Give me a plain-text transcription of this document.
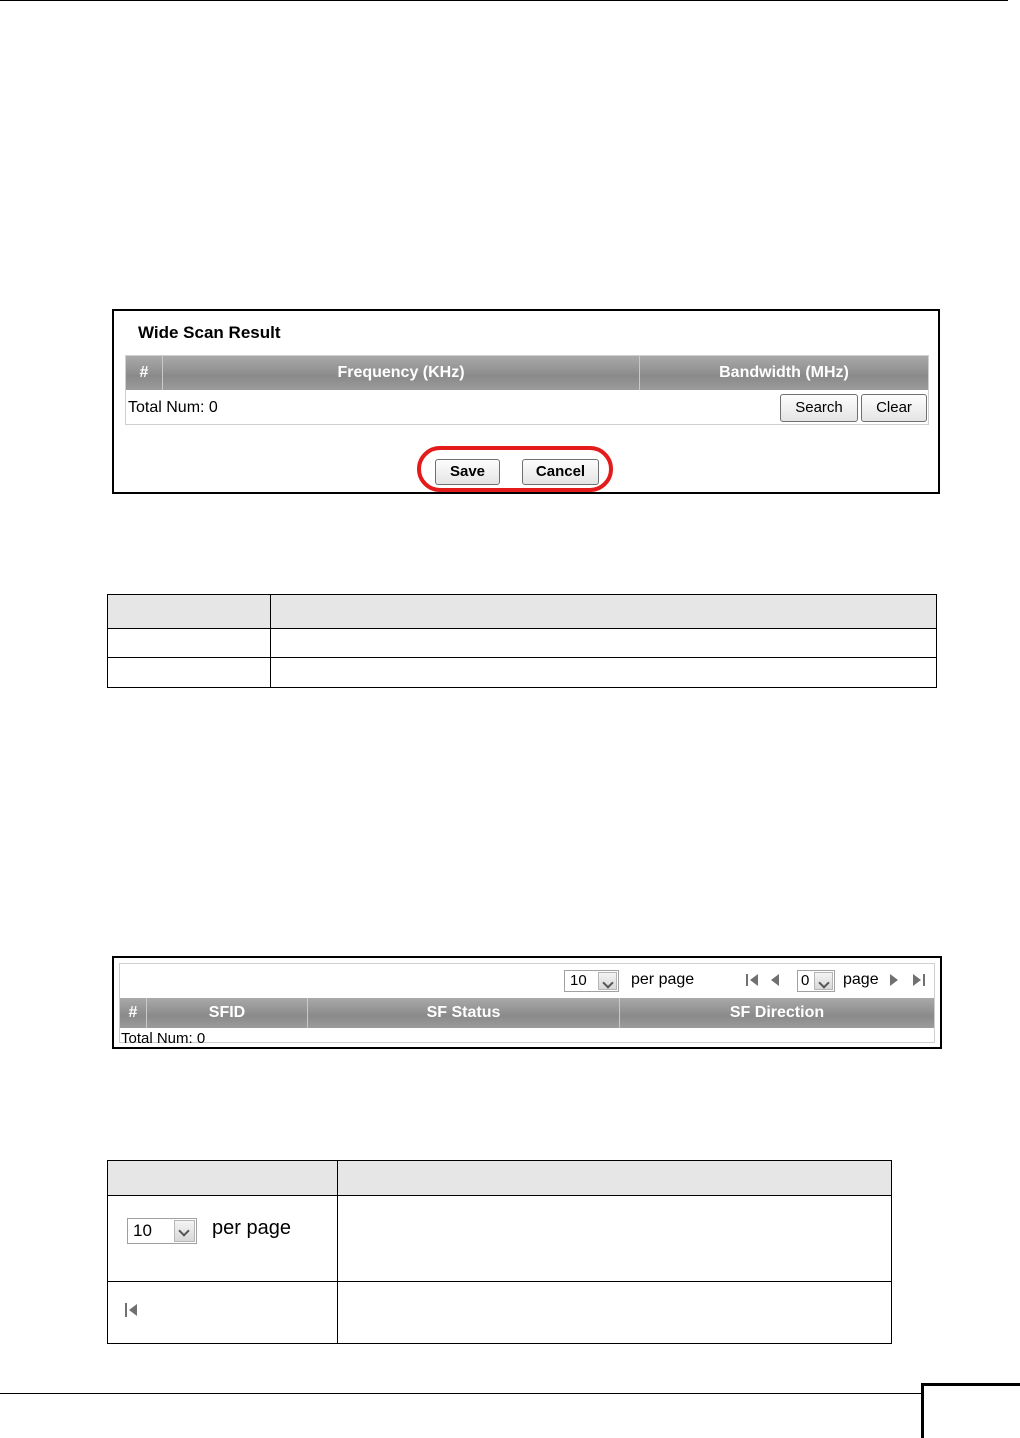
Wide Scan Result
#	Frequency (KHz)	Bandwidth (MHz)
Total Num: 0	Search	Clear
Save	Cancel
10	per page	0 page
#	SFID	SF Status	SF Direction
Total Num: 0
10	per page
